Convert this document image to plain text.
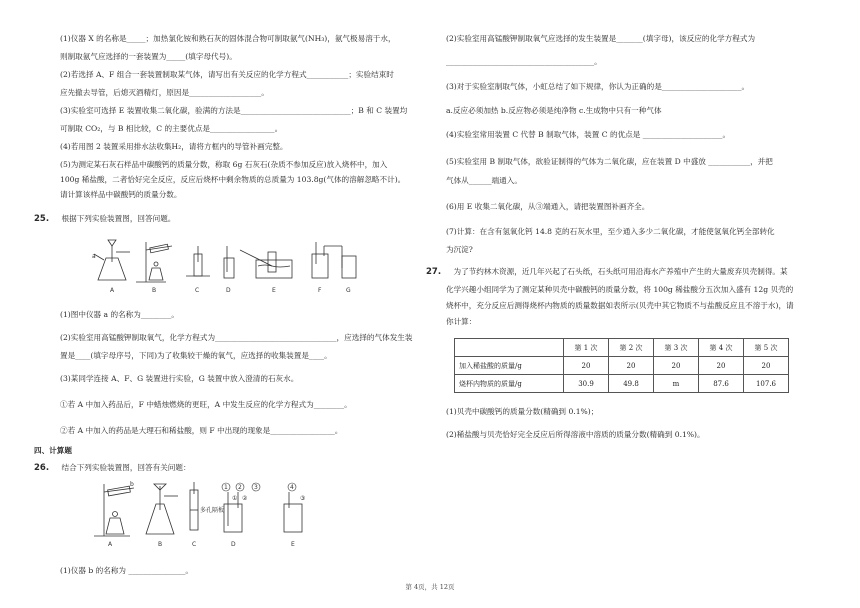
(1)仪器 X 的名称是_____；加热氯化铵和熟石灰的固体混合物可制取氨气(NH₃)，氨气极易溶于水，
则制取氨气应选择的一套装置为_____(填字母代号)。
(2)若选择 A、F 组合一套装置制取某气体，请写出有关反应的化学方程式___________；实验结束时
应先撤去导管，后熄灭酒精灯，原因是___________________。
(3)实验室可选择 E 装置收集二氧化碳，验满的方法是_____________________________；B 和 C 装置均
可制取 CO₂，与 B 相比较，C 的主要优点是_________________。
(4)若用图 2 装置采用排水法收集H₂，请将方框内的导管补画完整。
(5)为测定某石灰石样品中碳酸钙的质量分数，称取 6g 石灰石(杂质不参加反应)放入烧杯中，加入
100g 稀盐酸，二者恰好完全反应，反应后烧杯中剩余物质的总质量为 103.8g(气体的溶解忽略不计)。
请计算该样品中碳酸钙的质量分数。
25. 根据下列实验装置图，回答问题。
a
A	B	C	D	E	F	G
(1)图中仪器 a 的名称为________。
(2)实验室用高锰酸钾制取氧气，化学方程式为________________________________，应选择的气体发生装
置是____(填字母序号，下同)为了收集较干燥的氧气，应选择的收集装置是____。
(3)某同学连接 A、F、G 装置进行实验，G 装置中放入澄清的石灰水。
①若 A 中加入药品后，F 中蜡烛燃烧的更旺，A 中发生反应的化学方程式为________。
②若 A 中加入的药品是大理石和稀盐酸，则 F 中出现的现象是_________________。
四、计算题
26. 结合下列实验装置图，回答有关问题：
1 2 3	4
① ②	③
b
多孔隔板
A	B	C	D	E
(1)仪器 b 的名称为 _______________。
(2)实验室用高锰酸钾制取氧气应选择的发生装置是_______(填字母)，该反应的化学方程式为
_______________________________________。
(3)对于实验室制取气体，小虹总结了如下规律，你认为正确的是_____________________。
a.反应必须加热 b.反应物必须是纯净物 c.生成物中只有一种气体
(4)实验室常用装置 C 代替 B 制取气体，装置 C 的优点是 _____________________。
(5)实验室用 B 制取气体，欲验证制得的气体为二氧化碳，应在装置 D 中盛放 ___________，并把
气体从______端通入。
(6)用 E 收集二氧化碳，从③端通入，请把装置图补画齐全。
(7)计算：在含有氢氧化钙 14.8 克的石灰水里，至少通入多少二氧化碳，才能使氢氧化钙全部转化
为沉淀?
27. 为了节约林木资源，近几年兴起了石头纸，石头纸可用沿海水产养殖中产生的大量废弃贝壳制得。某
化学兴趣小组同学为了测定某种贝壳中碳酸钙的质量分数，将 100g 稀盐酸分五次加入盛有 12g 贝壳的
烧杯中，充分反应后测得烧杯内物质的质量数据如表所示(贝壳中其它物质不与盐酸反应且不溶于水)，请
你计算：
	第 1 次	第 2 次	第 3 次	第 4 次	第 5 次
加入稀盐酸的质量/g	20	20	20	20	20
烧杯内物质的质量/g	30.9	49.8	m	87.6	107.6
(1)贝壳中碳酸钙的质量分数(精确到 0.1%)；
(2)稀盐酸与贝壳恰好完全反应后所得溶液中溶质的质量分数(精确到 0.1%)。
第 4页，共 12页
